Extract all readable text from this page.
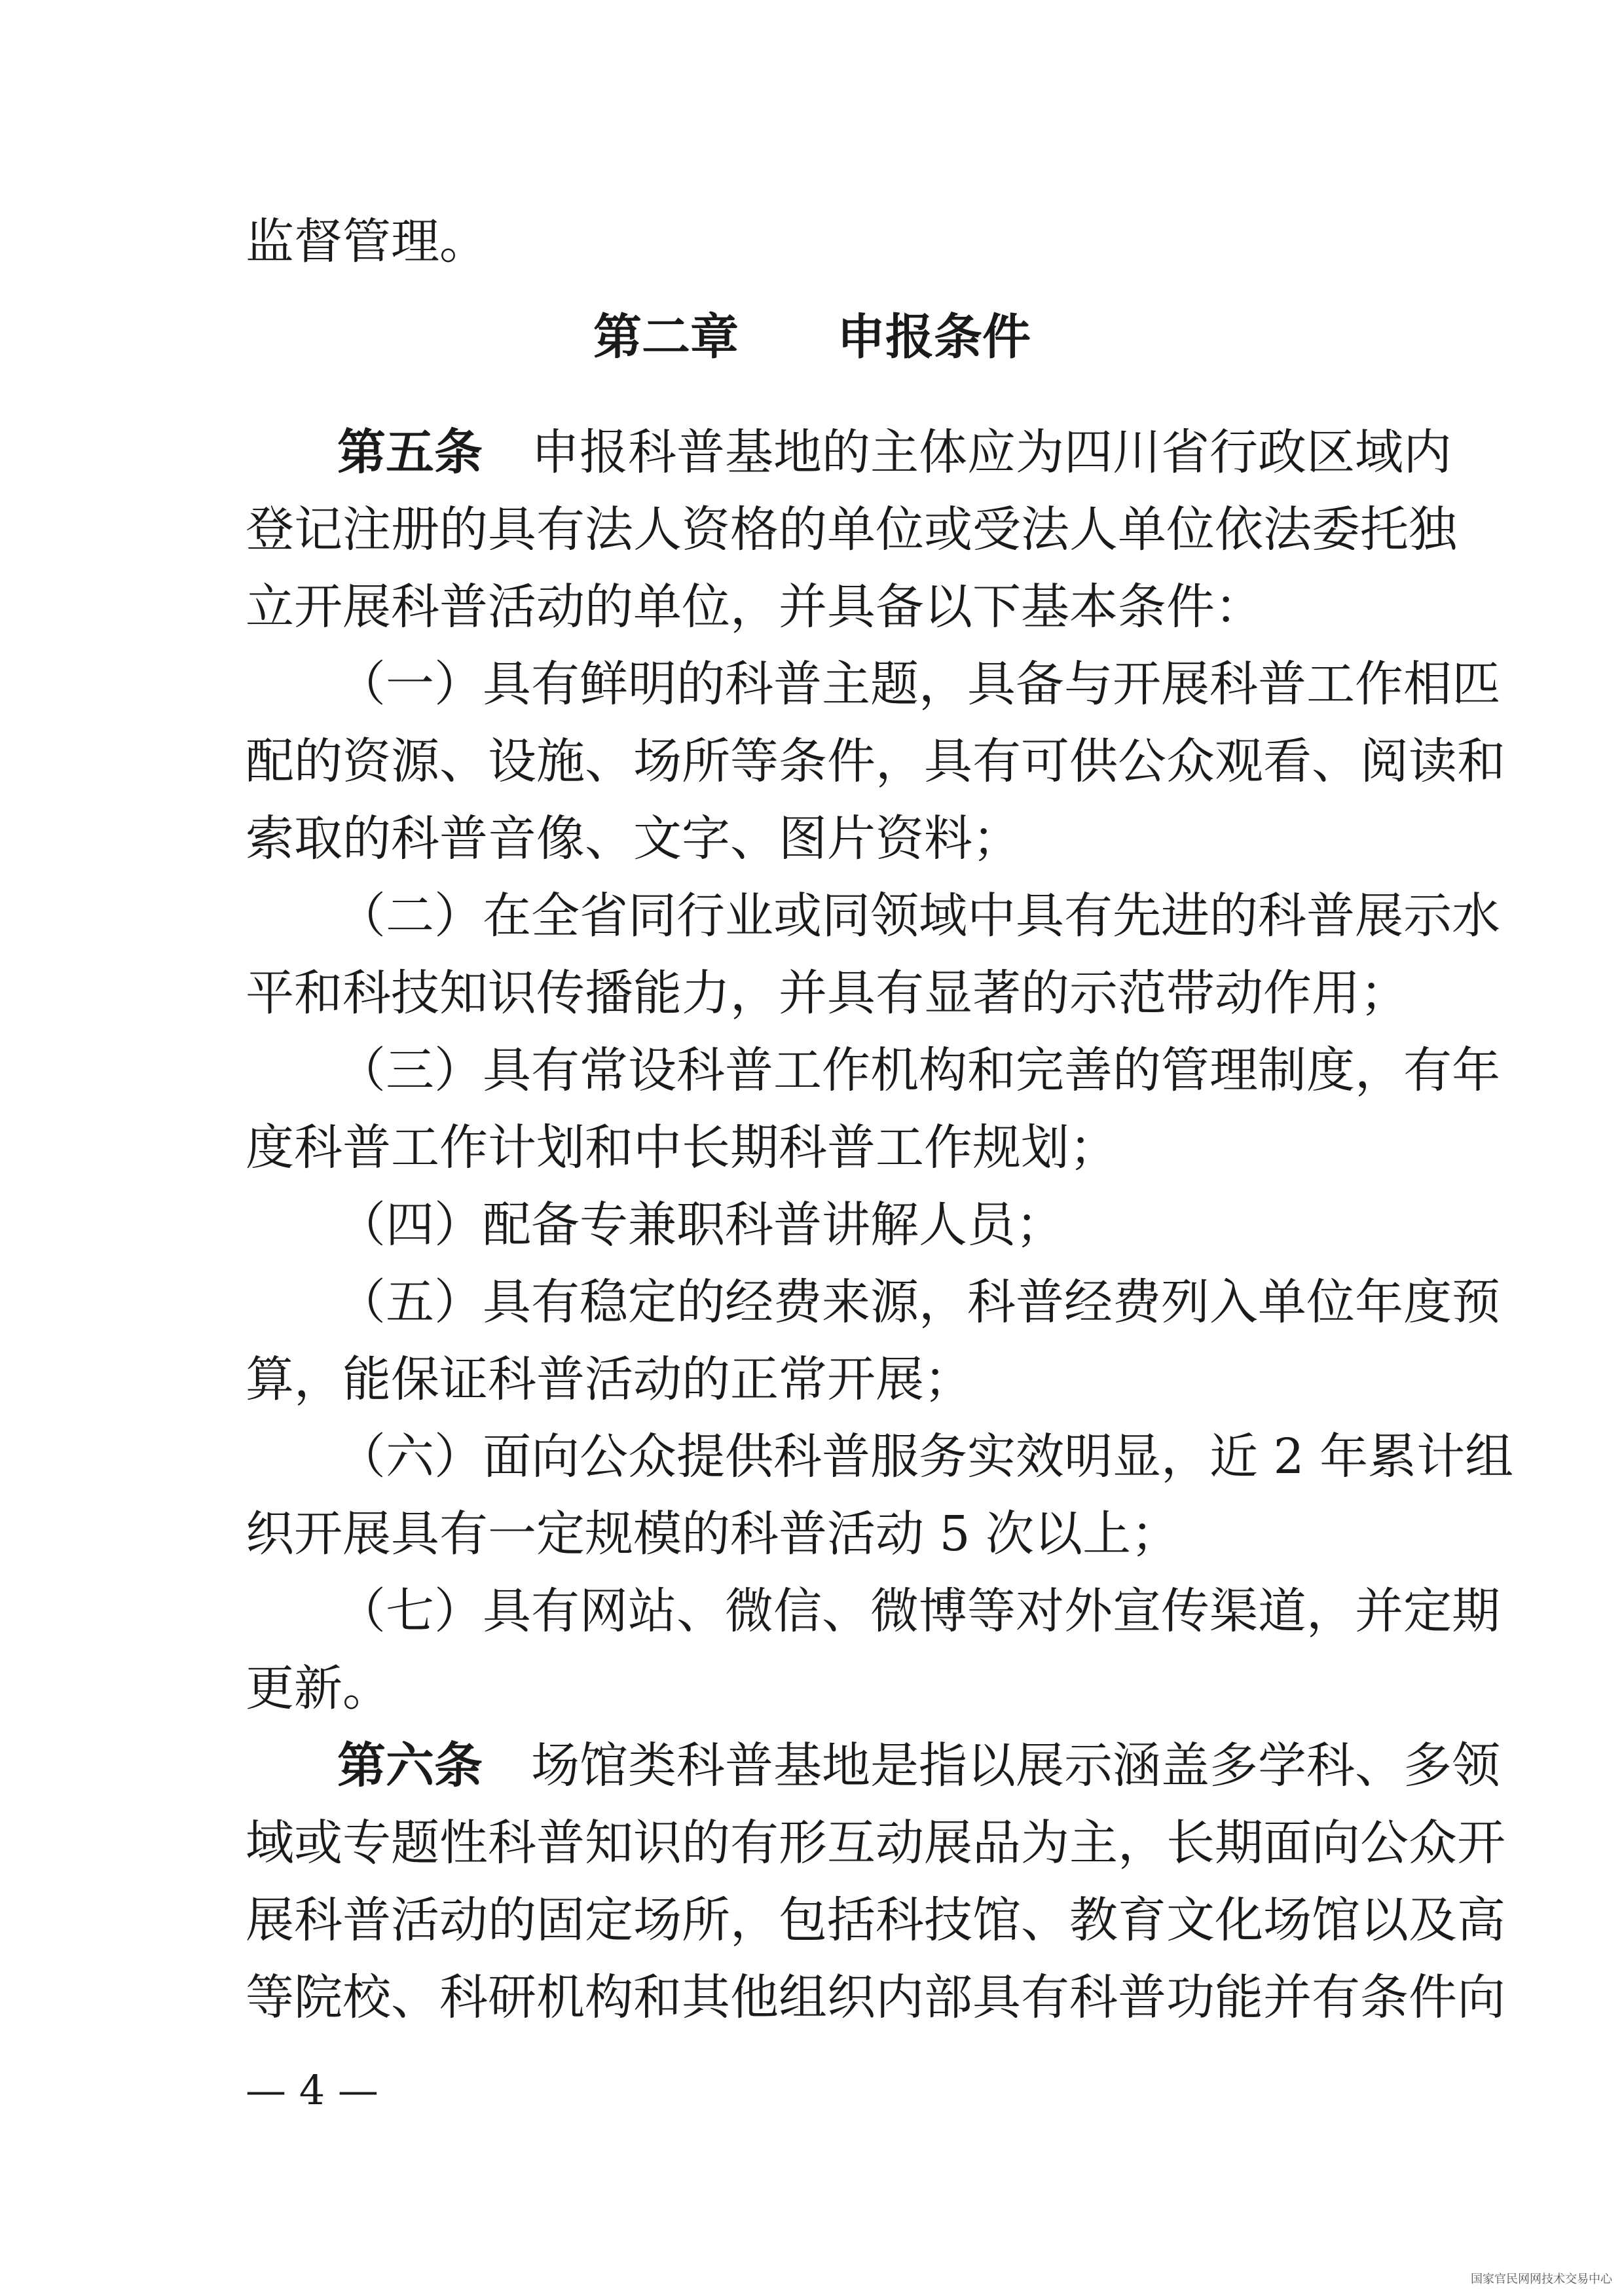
监督管理。
第二章 申报条件
第五条 申报科普基地的主体应为四川省行政区域内
登记注册的具有法人资格的单位或受法人单位依法委托独
立开展科普活动的单位，并具备以下基本条件：
（一）具有鲜明的科普主题，具备与开展科普工作相匹
配的资源、设施、场所等条件，具有可供公众观看、阅读和
索取的科普音像、文字、图片资料；
（二）在全省同行业或同领域中具有先进的科普展示水
平和科技知识传播能力，并具有显著的示范带动作用；
（三）具有常设科普工作机构和完善的管理制度，有年
度科普工作计划和中长期科普工作规划；
（四）配备专兼职科普讲解人员；
（五）具有稳定的经费来源，科普经费列入单位年度预
算，能保证科普活动的正常开展；
（六）面向公众提供科普服务实效明显，近 2 年累计组
织开展具有一定规模的科普活动 5 次以上；
（七）具有网站、微信、微博等对外宣传渠道，并定期
更新。
第六条 场馆类科普基地是指以展示涵盖多学科、多领
域或专题性科普知识的有形互动展品为主，长期面向公众开
展科普活动的固定场所，包括科技馆、教育文化场馆以及高
等院校、科研机构和其他组织内部具有科普功能并有条件向
— 4 —
国家官民网网技术交易中心
